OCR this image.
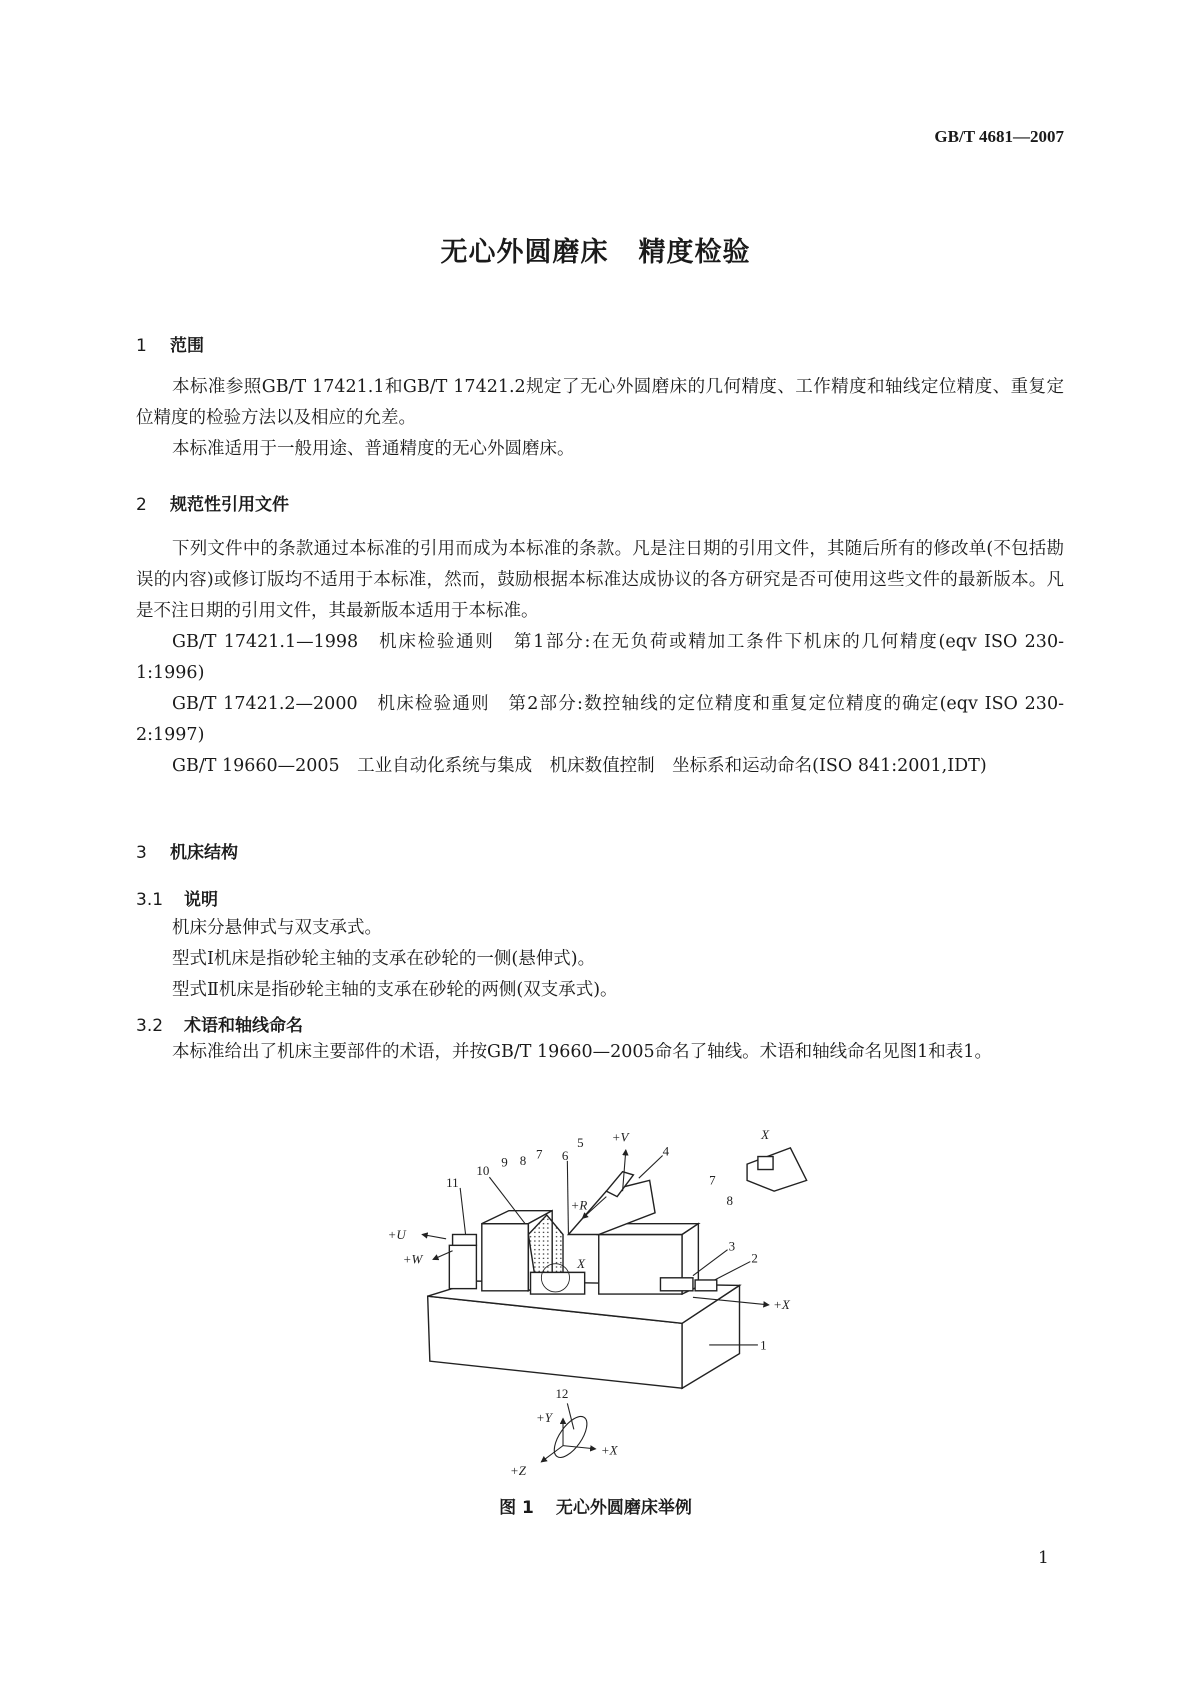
GB/T 4681—2007
无心外圆磨床 精度检验
1 范围
本标准参照GB/T 17421.1和GB/T 17421.2规定了无心外圆磨床的几何精度、工作精度和轴线定位精度、重复定位精度的检验方法以及相应的允差。
本标准适用于一般用途、普通精度的无心外圆磨床。
2 规范性引用文件
下列文件中的条款通过本标准的引用而成为本标准的条款。凡是注日期的引用文件，其随后所有的修改单(不包括勘误的内容)或修订版均不适用于本标准，然而，鼓励根据本标准达成协议的各方研究是否可使用这些文件的最新版本。凡是不注日期的引用文件，其最新版本适用于本标准。
GB/T 17421.1—1998　机床检验通则　第1部分:在无负荷或精加工条件下机床的几何精度(eqv ISO 230-1:1996)
GB/T 17421.2—2000　机床检验通则　第2部分:数控轴线的定位精度和重复定位精度的确定(eqv ISO 230-2:1997)
GB/T 19660—2005　工业自动化系统与集成　机床数值控制　坐标系和运动命名(ISO 841:2001,IDT)
3 机床结构
3.1 说明
机床分悬伸式与双支承式。
型式Ⅰ机床是指砂轮主轴的支承在砂轮的一侧(悬伸式)。
型式Ⅱ机床是指砂轮主轴的支承在砂轮的两侧(双支承式)。
3.2 术语和轴线命名
本标准给出了机床主要部件的术语，并按GB/T 19660—2005命名了轴线。术语和轴线命名见图1和表1。
+V
4
5
6
7
8
9
10
11
+R
+U
+W	X
3
2
+X
1
12
+Y
+X
+Z
X
7
8
图 1 无心外圆磨床举例
1
